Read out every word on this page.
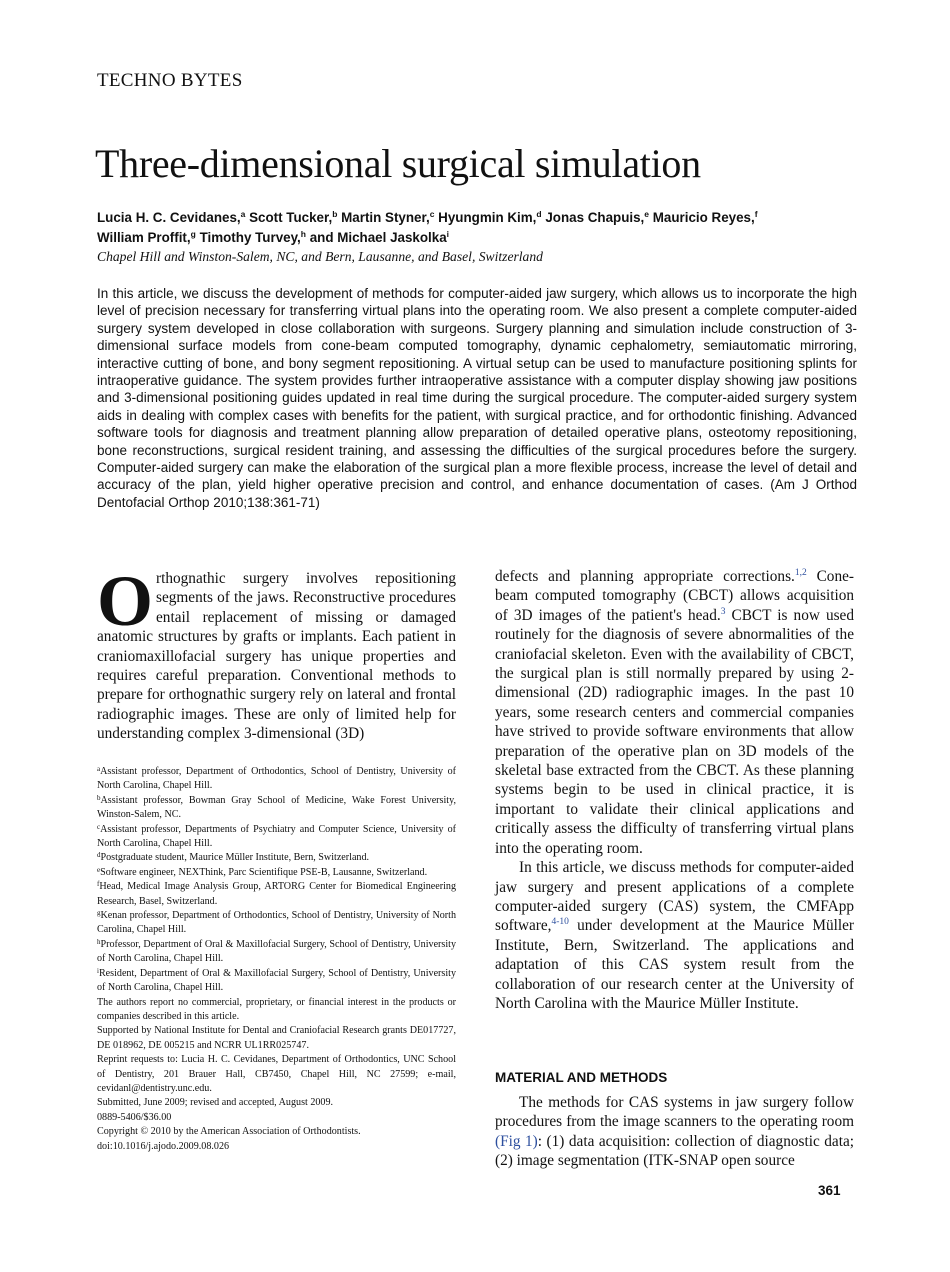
TECHNO BYTES
Three-dimensional surgical simulation
Lucia H. C. Cevidanes,$^a$ Scott Tucker,$^b$ Martin Styner,$^c$ Hyungmin Kim,$^d$ Jonas Chapuis,$^e$ Mauricio Reyes,$^f$
William Proffit,$^g$ Timothy Turvey,$^h$ and Michael Jaskolka$^i$
Chapel Hill and Winston-Salem, NC, and Bern, Lausanne, and Basel, Switzerland
In this article, we discuss the development of methods for computer-aided jaw surgery, which allows us to incorporate the high level of precision necessary for transferring virtual plans into the operating room. We also present a complete computer-aided surgery system developed in close collaboration with surgeons. Surgery planning and simulation include construction of 3-dimensional surface models from cone-beam computed tomography, dynamic cephalometry, semiautomatic mirroring, interactive cutting of bone, and bony segment repositioning. A virtual setup can be used to manufacture positioning splints for intraoperative guidance. The system provides further intraoperative assistance with a computer display showing jaw positions and 3-dimensional positioning guides updated in real time during the surgical procedure. The computer-aided surgery system aids in dealing with complex cases with benefits for the patient, with surgical practice, and for orthodontic finishing. Advanced software tools for diagnosis and treatment planning allow preparation of detailed operative plans, osteotomy repositioning, bone reconstructions, surgical resident training, and assessing the difficulties of the surgical procedures before the surgery. Computer-aided surgery can make the elaboration of the surgical plan a more flexible process, increase the level of detail and accuracy of the plan, yield higher operative precision and control, and enhance documentation of cases. (Am J Orthod Dentofacial Orthop 2010;138:361-71)
Orthognathic surgery involves repositioning segments of the jaws. Reconstructive procedures entail replacement of missing or damaged anatomic structures by grafts or implants. Each patient in craniomaxillofacial surgery has unique properties and requires careful preparation. Conventional methods to prepare for orthognathic surgery rely on lateral and frontal radiographic images. These are only of limited help for understanding complex 3-dimensional (3D)

$^a$Assistant professor, Department of Orthodontics, School of Dentistry, University of North Carolina, Chapel Hill.

$^b$Assistant professor, Bowman Gray School of Medicine, Wake Forest University, Winston-Salem, NC.

$^c$Assistant professor, Departments of Psychiatry and Computer Science, University of North Carolina, Chapel Hill.

$^d$Postgraduate student, Maurice Müller Institute, Bern, Switzerland.

$^e$Software engineer, NEXThink, Parc Scientifique PSE-B, Lausanne, Switzerland.

$^f$Head, Medical Image Analysis Group, ARTORG Center for Biomedical Engineering Research, Basel, Switzerland.

$^g$Kenan professor, Department of Orthodontics, School of Dentistry, University of North Carolina, Chapel Hill.

$^h$Professor, Department of Oral & Maxillofacial Surgery, School of Dentistry, University of North Carolina, Chapel Hill.

$^i$Resident, Department of Oral & Maxillofacial Surgery, School of Dentistry, University of North Carolina, Chapel Hill.

The authors report no commercial, proprietary, or financial interest in the products or companies described in this article.

Supported by National Institute for Dental and Craniofacial Research grants DE017727, DE 018962, DE 005215 and NCRR UL1RR025747.

Reprint requests to: Lucia H. C. Cevidanes, Department of Orthodontics, UNC School of Dentistry, 201 Brauer Hall, CB7450, Chapel Hill, NC 27599; e-mail, cevidanl@dentistry.unc.edu.

Submitted, June 2009; revised and accepted, August 2009.

0889-5406/$36.00

Copyright © 2010 by the American Association of Orthodontists.

doi:10.1016/j.ajodo.2009.08.026

defects and planning appropriate corrections.$^{1,2}$ Cone-beam computed tomography (CBCT) allows acquisition of 3D images of the patient's head.$^3$ CBCT is now used routinely for the diagnosis of severe abnormalities of the craniofacial skeleton. Even with the availability of CBCT, the surgical plan is still normally prepared by using 2-dimensional (2D) radiographic images. In the past 10 years, some research centers and commercial companies have strived to provide software environments that allow preparation of the operative plan on 3D models of the skeletal base extracted from the CBCT. As these planning systems begin to be used in clinical practice, it is important to validate their clinical applications and critically assess the difficulty of transferring virtual plans into the operating room.

In this article, we discuss methods for computer-aided jaw surgery and present applications of a complete computer-aided surgery (CAS) system, the CMFApp software,$^{4-10}$ under development at the Maurice Müller Institute, Bern, Switzerland. The applications and adaptation of this CAS system result from the collaboration of our research center at the University of North Carolina with the Maurice Müller Institute.

MATERIAL AND METHODS

The methods for CAS systems in jaw surgery follow procedures from the image scanners to the operating room (Fig 1): (1) data acquisition: collection of diagnostic data; (2) image segmentation (ITK-SNAP open source

361
